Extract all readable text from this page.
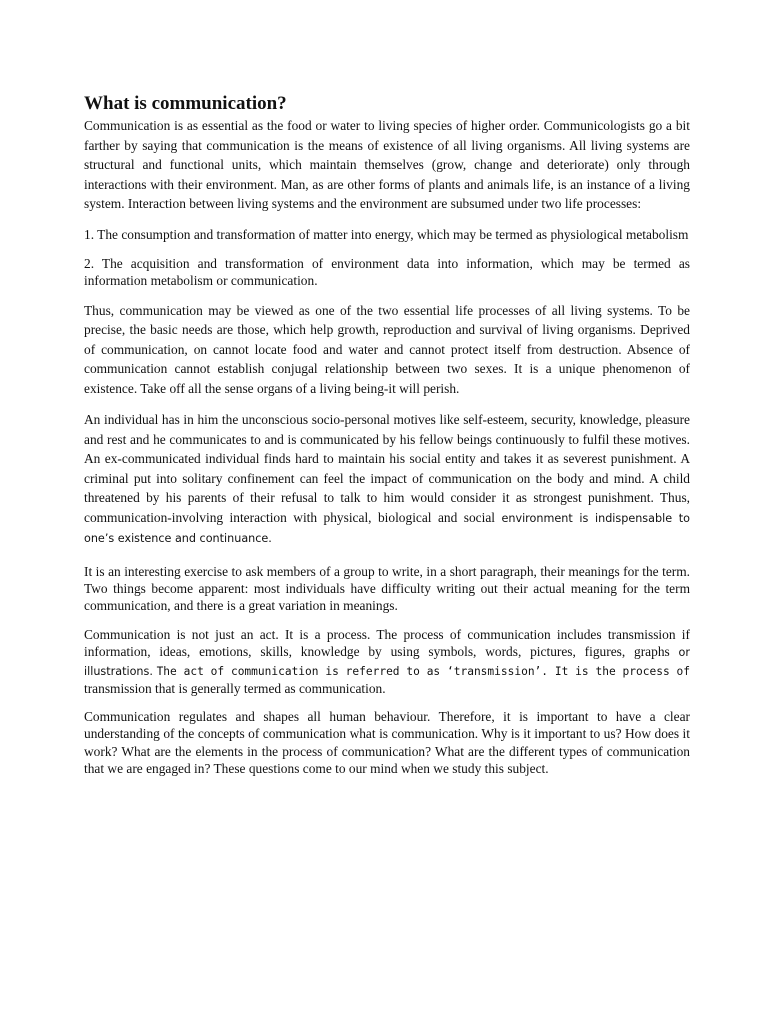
What is communication?

Communication is as essential as the food or water to living species of higher order. Communicologists go a bit farther by saying that communication is the means of existence of all living organisms. All living systems are structural and functional units, which maintain themselves (grow, change and deteriorate) only through interactions with their environment. Man, as are other forms of plants and animals life, is an instance of a living system. Interaction between living systems and the environment are subsumed under two life processes:

1. The consumption and transformation of matter into energy, which may be termed as physiological metabolism

2. The acquisition and transformation of environment data into information, which may be termed as information metabolism or communication.

Thus, communication may be viewed as one of the two essential life processes of all living systems. To be precise, the basic needs are those, which help growth, reproduction and survival of living organisms. Deprived of communication, on cannot locate food and water and cannot protect itself from destruction. Absence of communication cannot establish conjugal relationship between two sexes. It is a unique phenomenon of existence. Take off all the sense organs of a living being-it will perish.

An individual has in him the unconscious socio-personal motives like self-esteem, security, knowledge, pleasure and rest and he communicates to and is communicated by his fellow beings continuously to fulfil these motives. An ex-communicated individual finds hard to maintain his social entity and takes it as severest punishment. A criminal put into solitary confinement can feel the impact of communication on the body and mind. A child threatened by his parents of their refusal to talk to him would consider it as strongest punishment. Thus, communication-involving interaction with physical, biological and social environment is indispensable to one’s existence and continuance.

It is an interesting exercise to ask members of a group to write, in a short paragraph, their meanings for the term. Two things become apparent: most individuals have difficulty writing out their actual meaning for the term communication, and there is a great variation in meanings.

Communication is not just an act. It is a process. The process of communication includes transmission if information, ideas, emotions, skills, knowledge by using symbols, words, pictures, figures, graphs or illustrations. The act of communication is referred to as ‘transmission’. It is the process of transmission that is generally termed as communication.

Communication regulates and shapes all human behaviour. Therefore, it is important to have a clear understanding of the concepts of communication what is communication. Why is it important to us? How does it work? What are the elements in the process of communication? What are the different types of communication that we are engaged in? These questions come to our mind when we study this subject.
